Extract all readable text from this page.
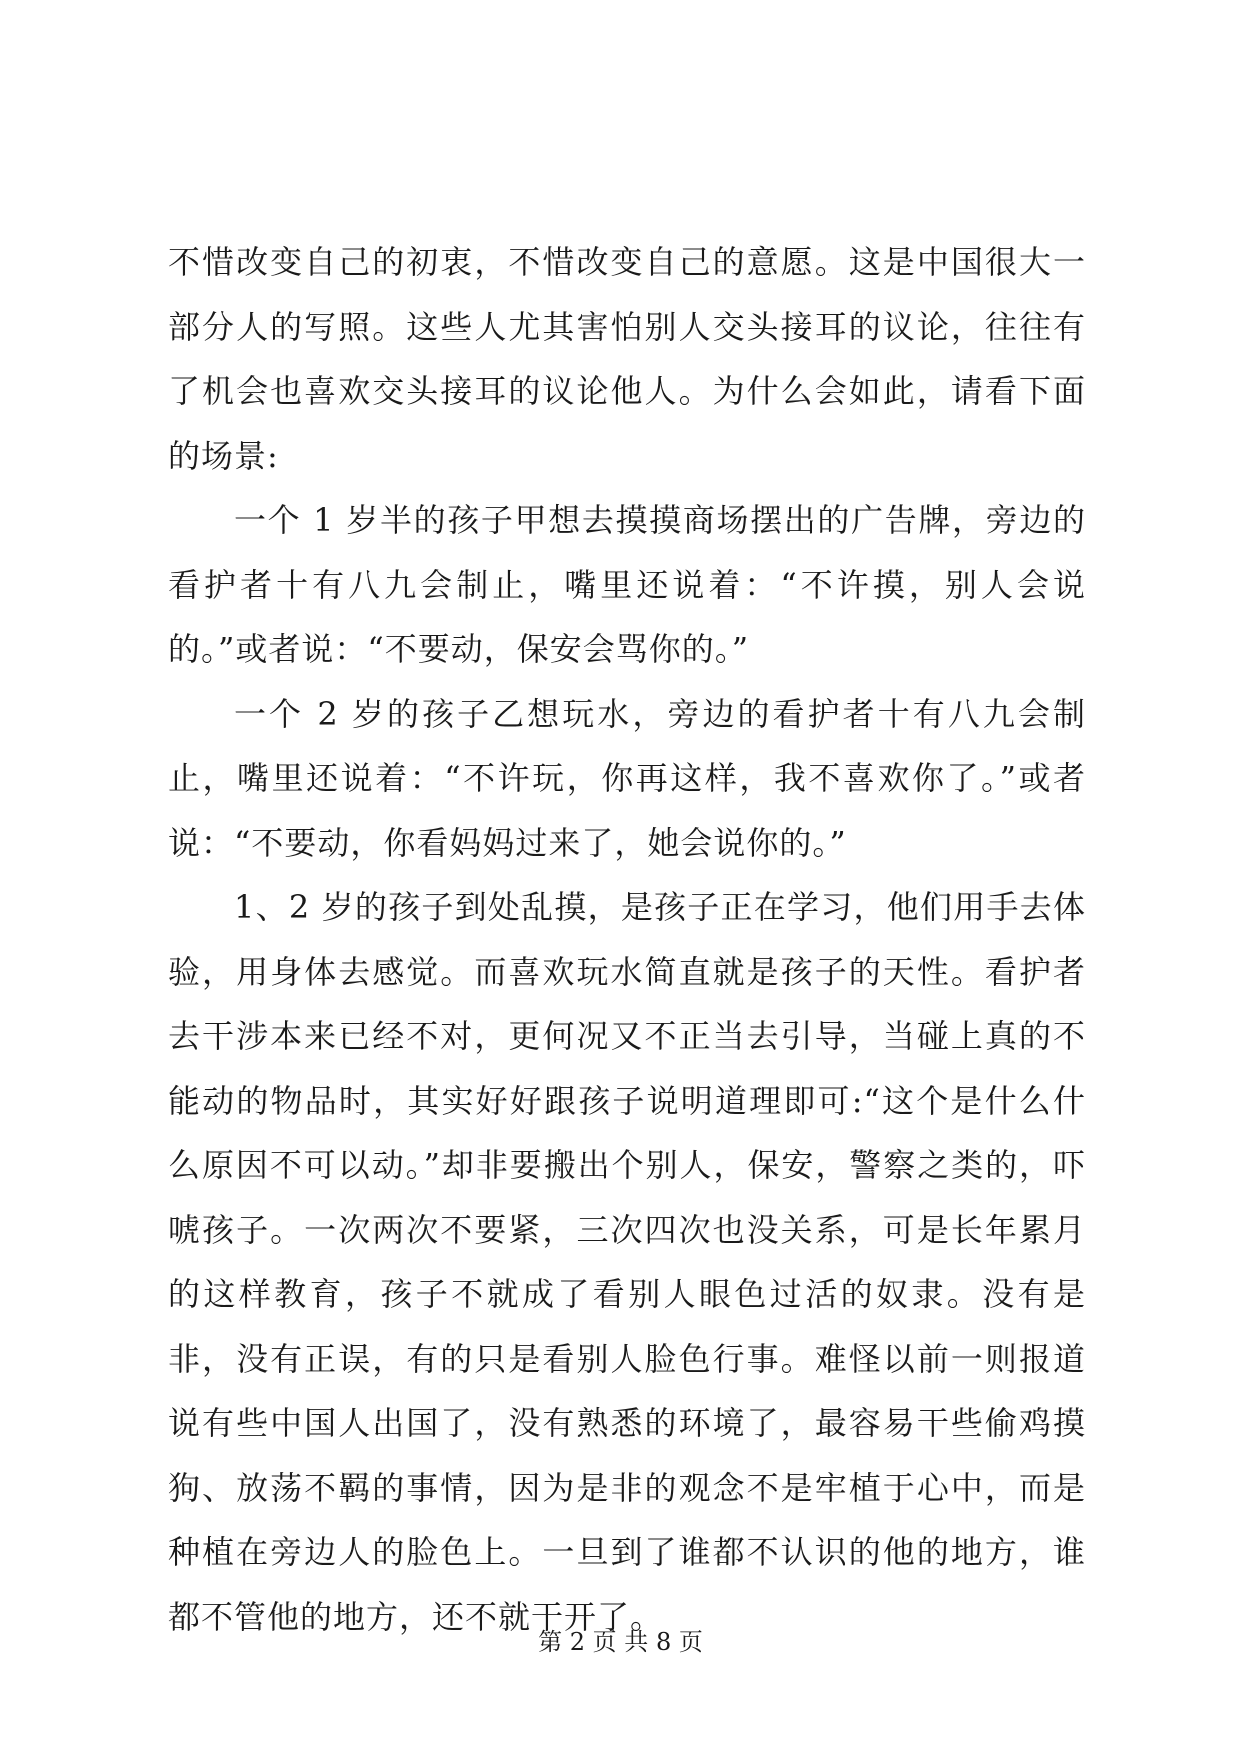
不惜改变自己的初衷，不惜改变自己的意愿。这是中国很大一部分人的写照。这些人尤其害怕别人交头接耳的议论，往往有了机会也喜欢交头接耳的议论他人。为什么会如此，请看下面的场景:

一个 1 岁半的孩子甲想去摸摸商场摆出的广告牌，旁边的看护者十有八九会制止，嘴里还说着：“不许摸，别人会说的。”或者说：“不要动，保安会骂你的。”

一个 2 岁的孩子乙想玩水，旁边的看护者十有八九会制止，嘴里还说着：“不许玩，你再这样，我不喜欢你了。”或者说：“不要动，你看妈妈过来了，她会说你的。”

1、2 岁的孩子到处乱摸，是孩子正在学习，他们用手去体验，用身体去感觉。而喜欢玩水简直就是孩子的天性。看护者去干涉本来已经不对，更何况又不正当去引导，当碰上真的不能动的物品时，其实好好跟孩子说明道理即可:“这个是什么什么原因不可以动。”却非要搬出个别人，保安，警察之类的，吓唬孩子。一次两次不要紧，三次四次也没关系，可是长年累月的这样教育，孩子不就成了看别人眼色过活的奴隶。没有是非，没有正误，有的只是看别人脸色行事。难怪以前一则报道说有些中国人出国了，没有熟悉的环境了，最容易干些偷鸡摸狗、放荡不羁的事情，因为是非的观念不是牢植于心中，而是种植在旁边人的脸色上。一旦到了谁都不认识的他的地方，谁都不管他的地方，还不就干开了。

第 2 页 共 8 页
